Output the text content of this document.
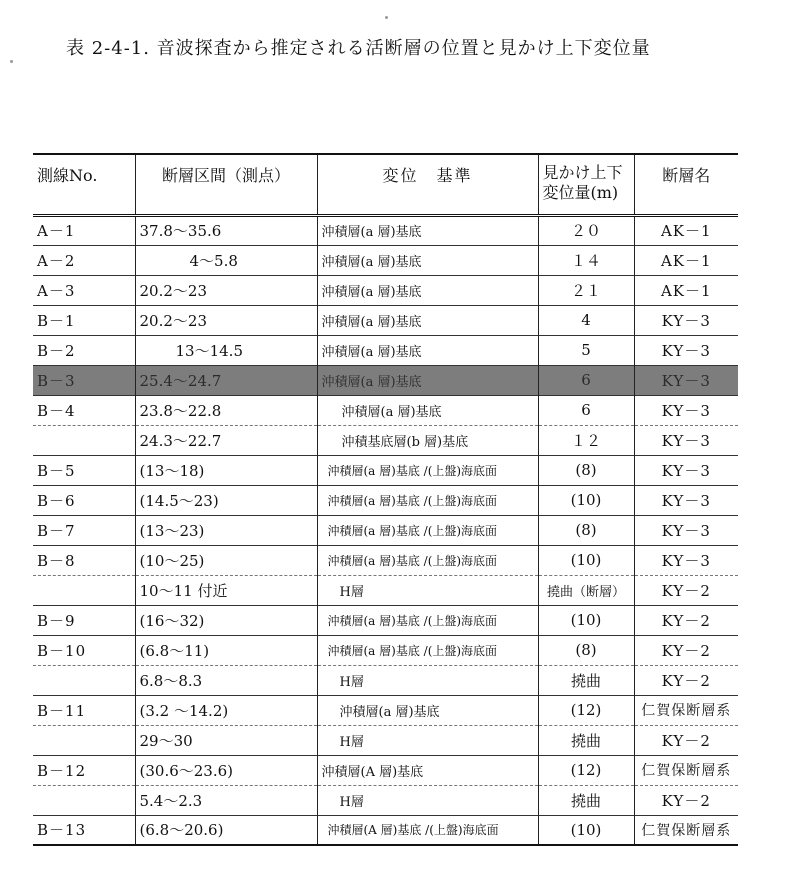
表 2-4-1. 音波探査から推定される活断層の位置と見かけ上下変位量
測線No.	断層区間（測点）	変位　基準	見かけ上下
変位量(m)	断層名
A－1	37.8～35.6	沖積層(a 層)基底	２０	AK－1
A－2	4～5.8	沖積層(a 層)基底	１４	AK－1
A－3	20.2～23	沖積層(a 層)基底	２１	AK－1
B－1	20.2～23	沖積層(a 層)基底	4	KY－3
B－2	13～14.5	沖積層(a 層)基底	5	KY－3
B－3	25.4～24.7	沖積層(a 層)基底	6	KY－3
B－4	23.8～22.8	沖積層(a 層)基底	6	KY－3
	24.3～22.7	沖積基底層(b 層)基底	１２	KY－3
B－5	(13～18)	沖積層(a 層)基底 /(上盤)海底面	(8)	KY－3
B－6	(14.5～23)	沖積層(a 層)基底 /(上盤)海底面	(10)	KY－3
B－7	(13～23)	沖積層(a 層)基底 /(上盤)海底面	(8)	KY－3
B－8	(10～25)	沖積層(a 層)基底 /(上盤)海底面	(10)	KY－3
	10～11 付近	H層	撓曲（断層）	KY－2
B－9	(16～32)	沖積層(a 層)基底 /(上盤)海底面	(10)	KY－2
B－10	(6.8～11)	沖積層(a 層)基底 /(上盤)海底面	(8)	KY－2
	6.8～8.3	H層	撓曲	KY－2
B－11	(3.2 ～14.2)	沖積層(a 層)基底	(12)	仁賀保断層系
	29～30	H層	撓曲	KY－2
B－12	(30.6～23.6)	沖積層(A 層)基底	(12)	仁賀保断層系
	5.4～2.3	H層	撓曲	KY－2
B－13	(6.8～20.6)	沖積層(A 層)基底 /(上盤)海底面	(10)	仁賀保断層系
